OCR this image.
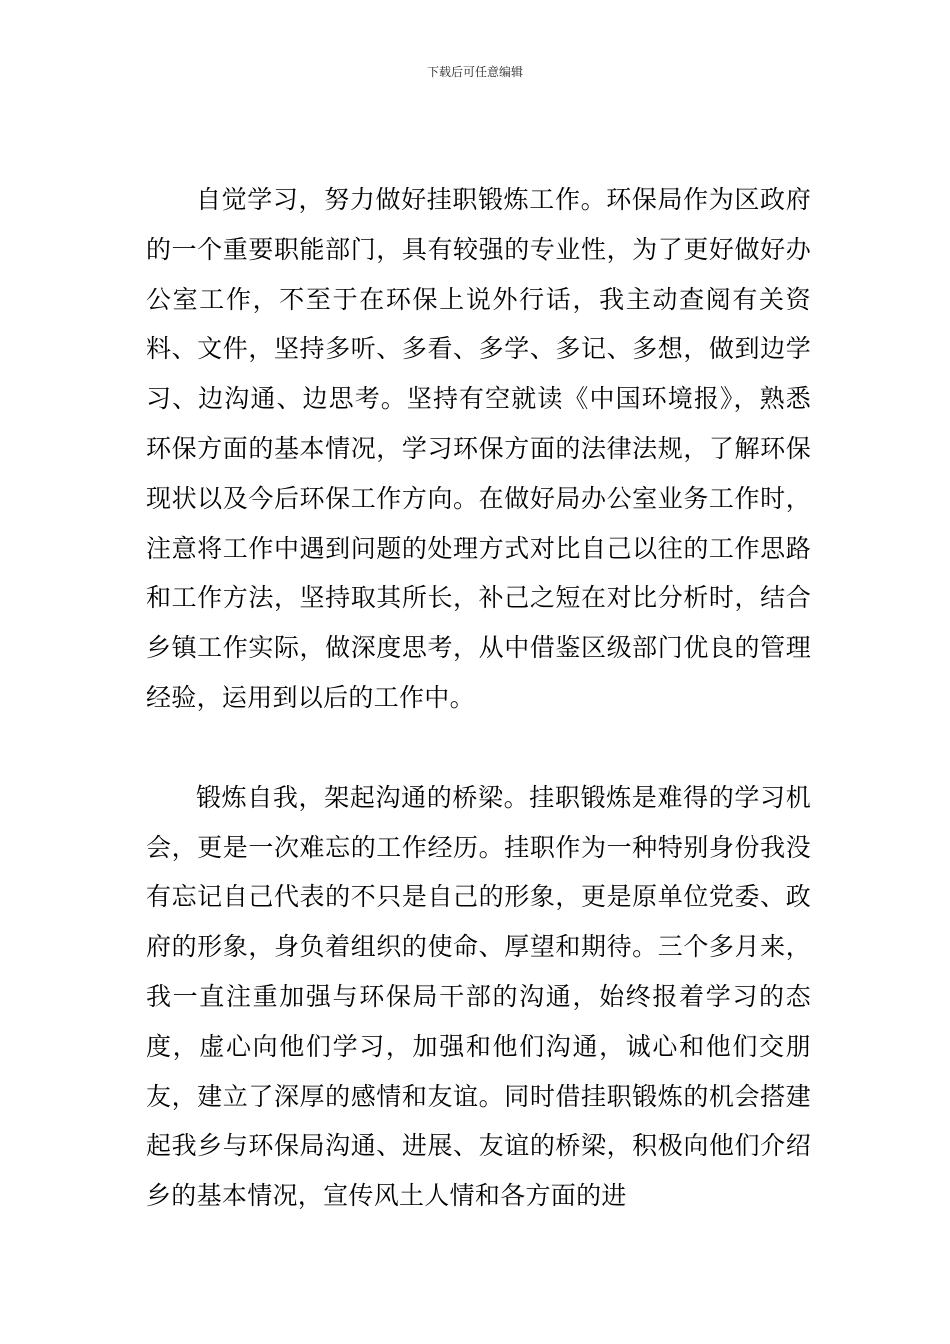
下载后可任意编辑

自觉学习，努力做好挂职锻炼工作。环保局作为区政府的一个重要职能部门，具有较强的专业性，为了更好做好办公室工作，不至于在环保上说外行话，我主动查阅有关资料、文件，坚持多听、多看、多学、多记、多想，做到边学习、边沟通、边思考。坚持有空就读《中国环境报》，熟悉环保方面的基本情况，学习环保方面的法律法规，了解环保现状以及今后环保工作方向。在做好局办公室业务工作时，注意将工作中遇到问题的处理方式对比自己以往的工作思路和工作方法，坚持取其所长，补己之短在对比分析时，结合乡镇工作实际，做深度思考，从中借鉴区级部门优良的管理经验，运用到以后的工作中。

锻炼自我，架起沟通的桥梁。挂职锻炼是难得的学习机会，更是一次难忘的工作经历。挂职作为一种特别身份我没有忘记自己代表的不只是自己的形象，更是原单位党委、政府的形象，身负着组织的使命、厚望和期待。三个多月来，我一直注重加强与环保局干部的沟通，始终报着学习的态度，虚心向他们学习，加强和他们沟通，诚心和他们交朋友，建立了深厚的感情和友谊。同时借挂职锻炼的机会搭建起我乡与环保局沟通、进展、友谊的桥梁，积极向他们介绍乡的基本情况，宣传风土人情和各方面的进
